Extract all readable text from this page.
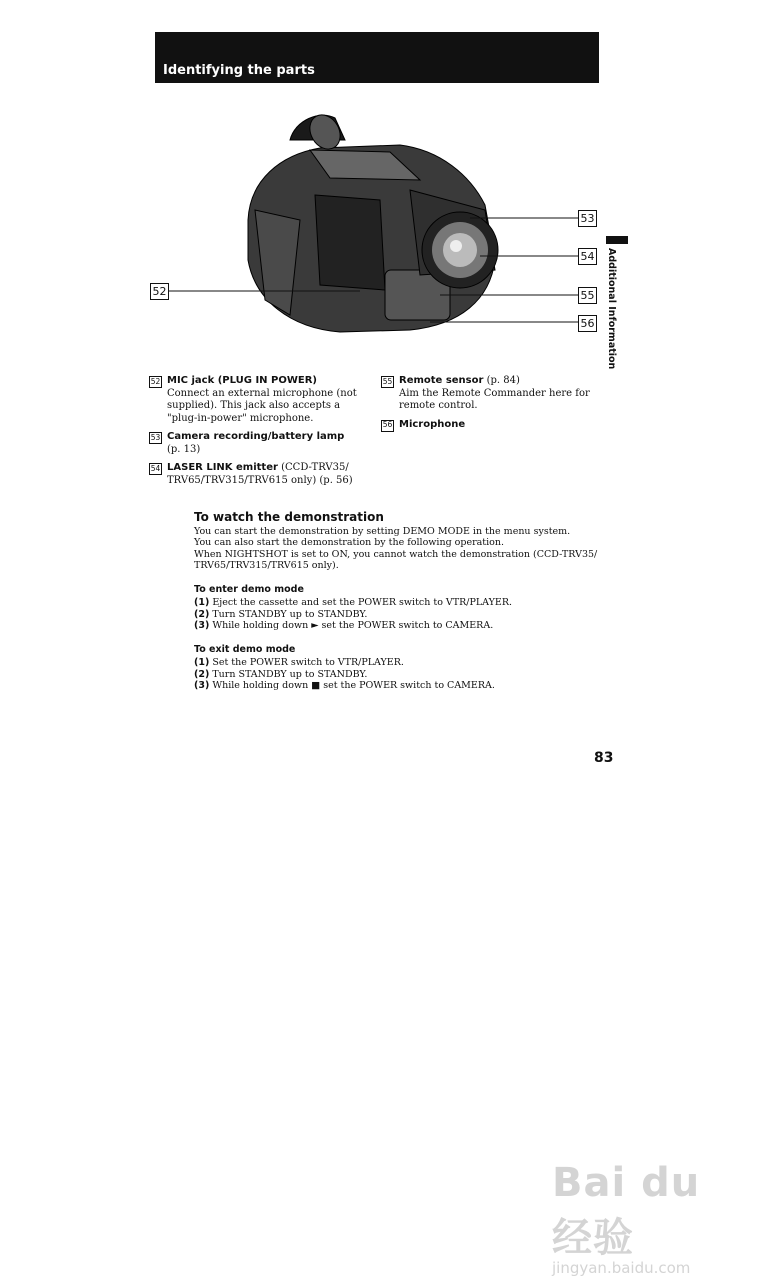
Identifying the parts
Additional Information
52
53
54
55
56
52 MIC jack (PLUG IN POWER)
Connect an external microphone (not supplied). This jack also accepts a "plug-in-power" microphone.
53 Camera recording/battery lamp (p. 13)
54 LASER LINK emitter (CCD-TRV35/ TRV65/TRV315/TRV615 only) (p. 56)
55 Remote sensor (p. 84)
Aim the Remote Commander here for remote control.
56 Microphone
To watch the demonstration
You can start the demonstration by setting DEMO MODE in the menu system.
You can also start the demonstration by the following operation.
When NIGHTSHOT is set to ON, you cannot watch the demonstration (CCD-TRV35/ TRV65/TRV315/TRV615 only).
To enter demo mode
(1) Eject the cassette and set the POWER switch to VTR/PLAYER.
(2) Turn STANDBY up to STANDBY.
(3) While holding down ► set the POWER switch to CAMERA.
To exit demo mode
(1) Set the POWER switch to VTR/PLAYER.
(2) Turn STANDBY up to STANDBY.
(3) While holding down ■ set the POWER switch to CAMERA.
83
Bai du 经验
jingyan.baidu.com
